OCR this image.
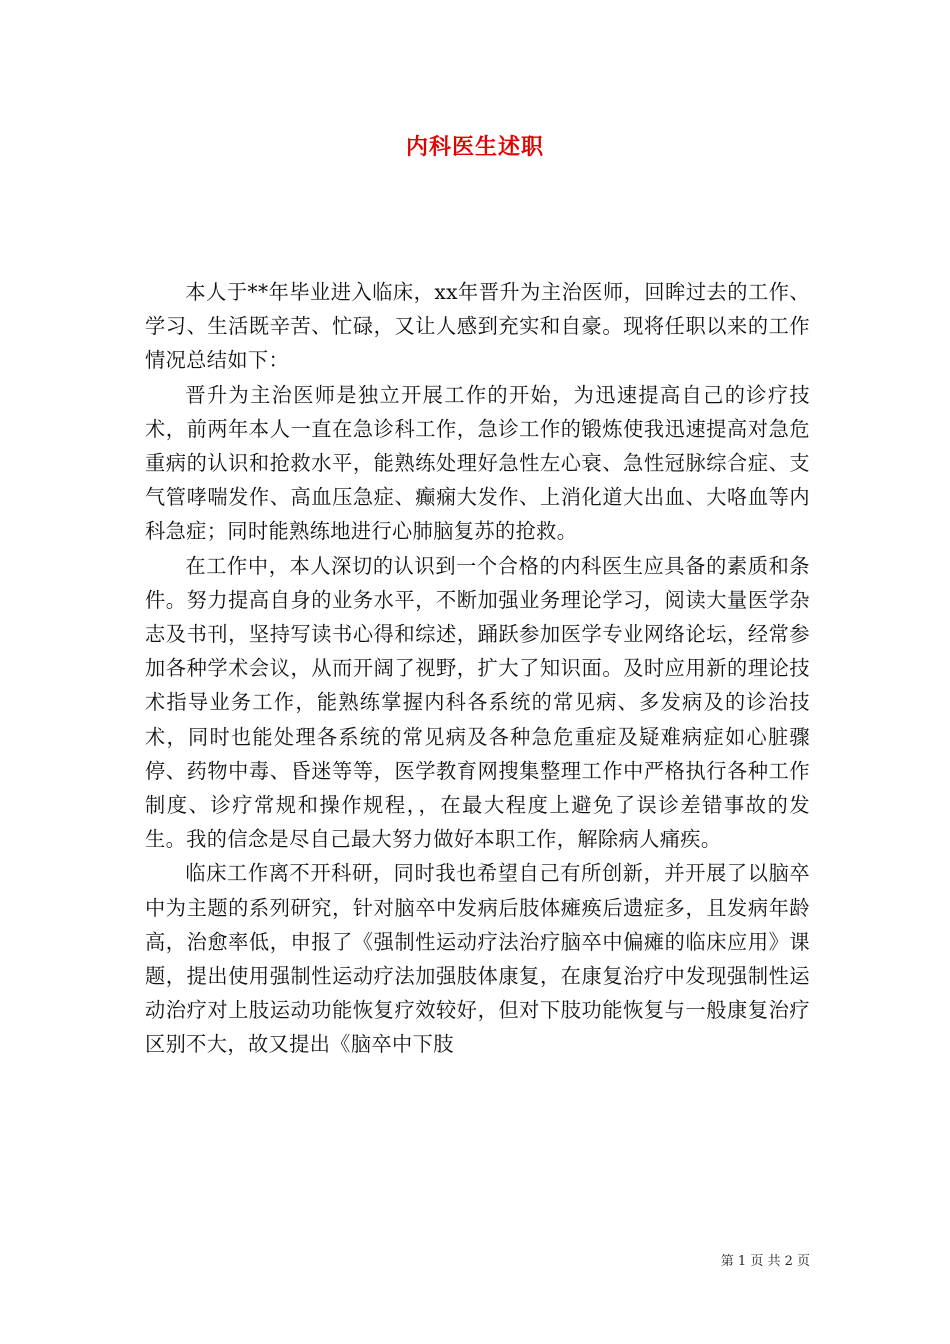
内科医生述职

本人于**年毕业进入临床，xx年晋升为主治医师，回眸过去的工作、学习、生活既辛苦、忙碌，又让人感到充实和自豪。现将任职以来的工作情况总结如下：

晋升为主治医师是独立开展工作的开始，为迅速提高自己的诊疗技术，前两年本人一直在急诊科工作，急诊工作的锻炼使我迅速提高对急危重病的认识和抢救水平，能熟练处理好急性左心衰、急性冠脉综合症、支气管哮喘发作、高血压急症、癫痫大发作、上消化道大出血、大咯血等内科急症；同时能熟练地进行心肺脑复苏的抢救。

在工作中，本人深切的认识到一个合格的内科医生应具备的素质和条件。努力提高自身的业务水平，不断加强业务理论学习，阅读大量医学杂志及书刊，坚持写读书心得和综述，踊跃参加医学专业网络论坛，经常参加各种学术会议，从而开阔了视野，扩大了知识面。及时应用新的理论技术指导业务工作，能熟练掌握内科各系统的常见病、多发病及的诊治技术，同时也能处理各系统的常见病及各种急危重症及疑难病症如心脏骤停、药物中毒、昏迷等等，医学教育网搜集整理工作中严格执行各种工作制度、诊疗常规和操作规程，，在最大程度上避免了误诊差错事故的发生。我的信念是尽自己最大努力做好本职工作，解除病人痛疾。

临床工作离不开科研，同时我也希望自己有所创新，并开展了以脑卒中为主题的系列研究，针对脑卒中发病后肢体瘫痪后遗症多，且发病年龄高，治愈率低，申报了《强制性运动疗法治疗脑卒中偏瘫的临床应用》课题，提出使用强制性运动疗法加强肢体康复，在康复治疗中发现强制性运动治疗对上肢运动功能恢复疗效较好，但对下肢功能恢复与一般康复治疗区别不大，故又提出《脑卒中下肢

第 1 页 共 2 页
